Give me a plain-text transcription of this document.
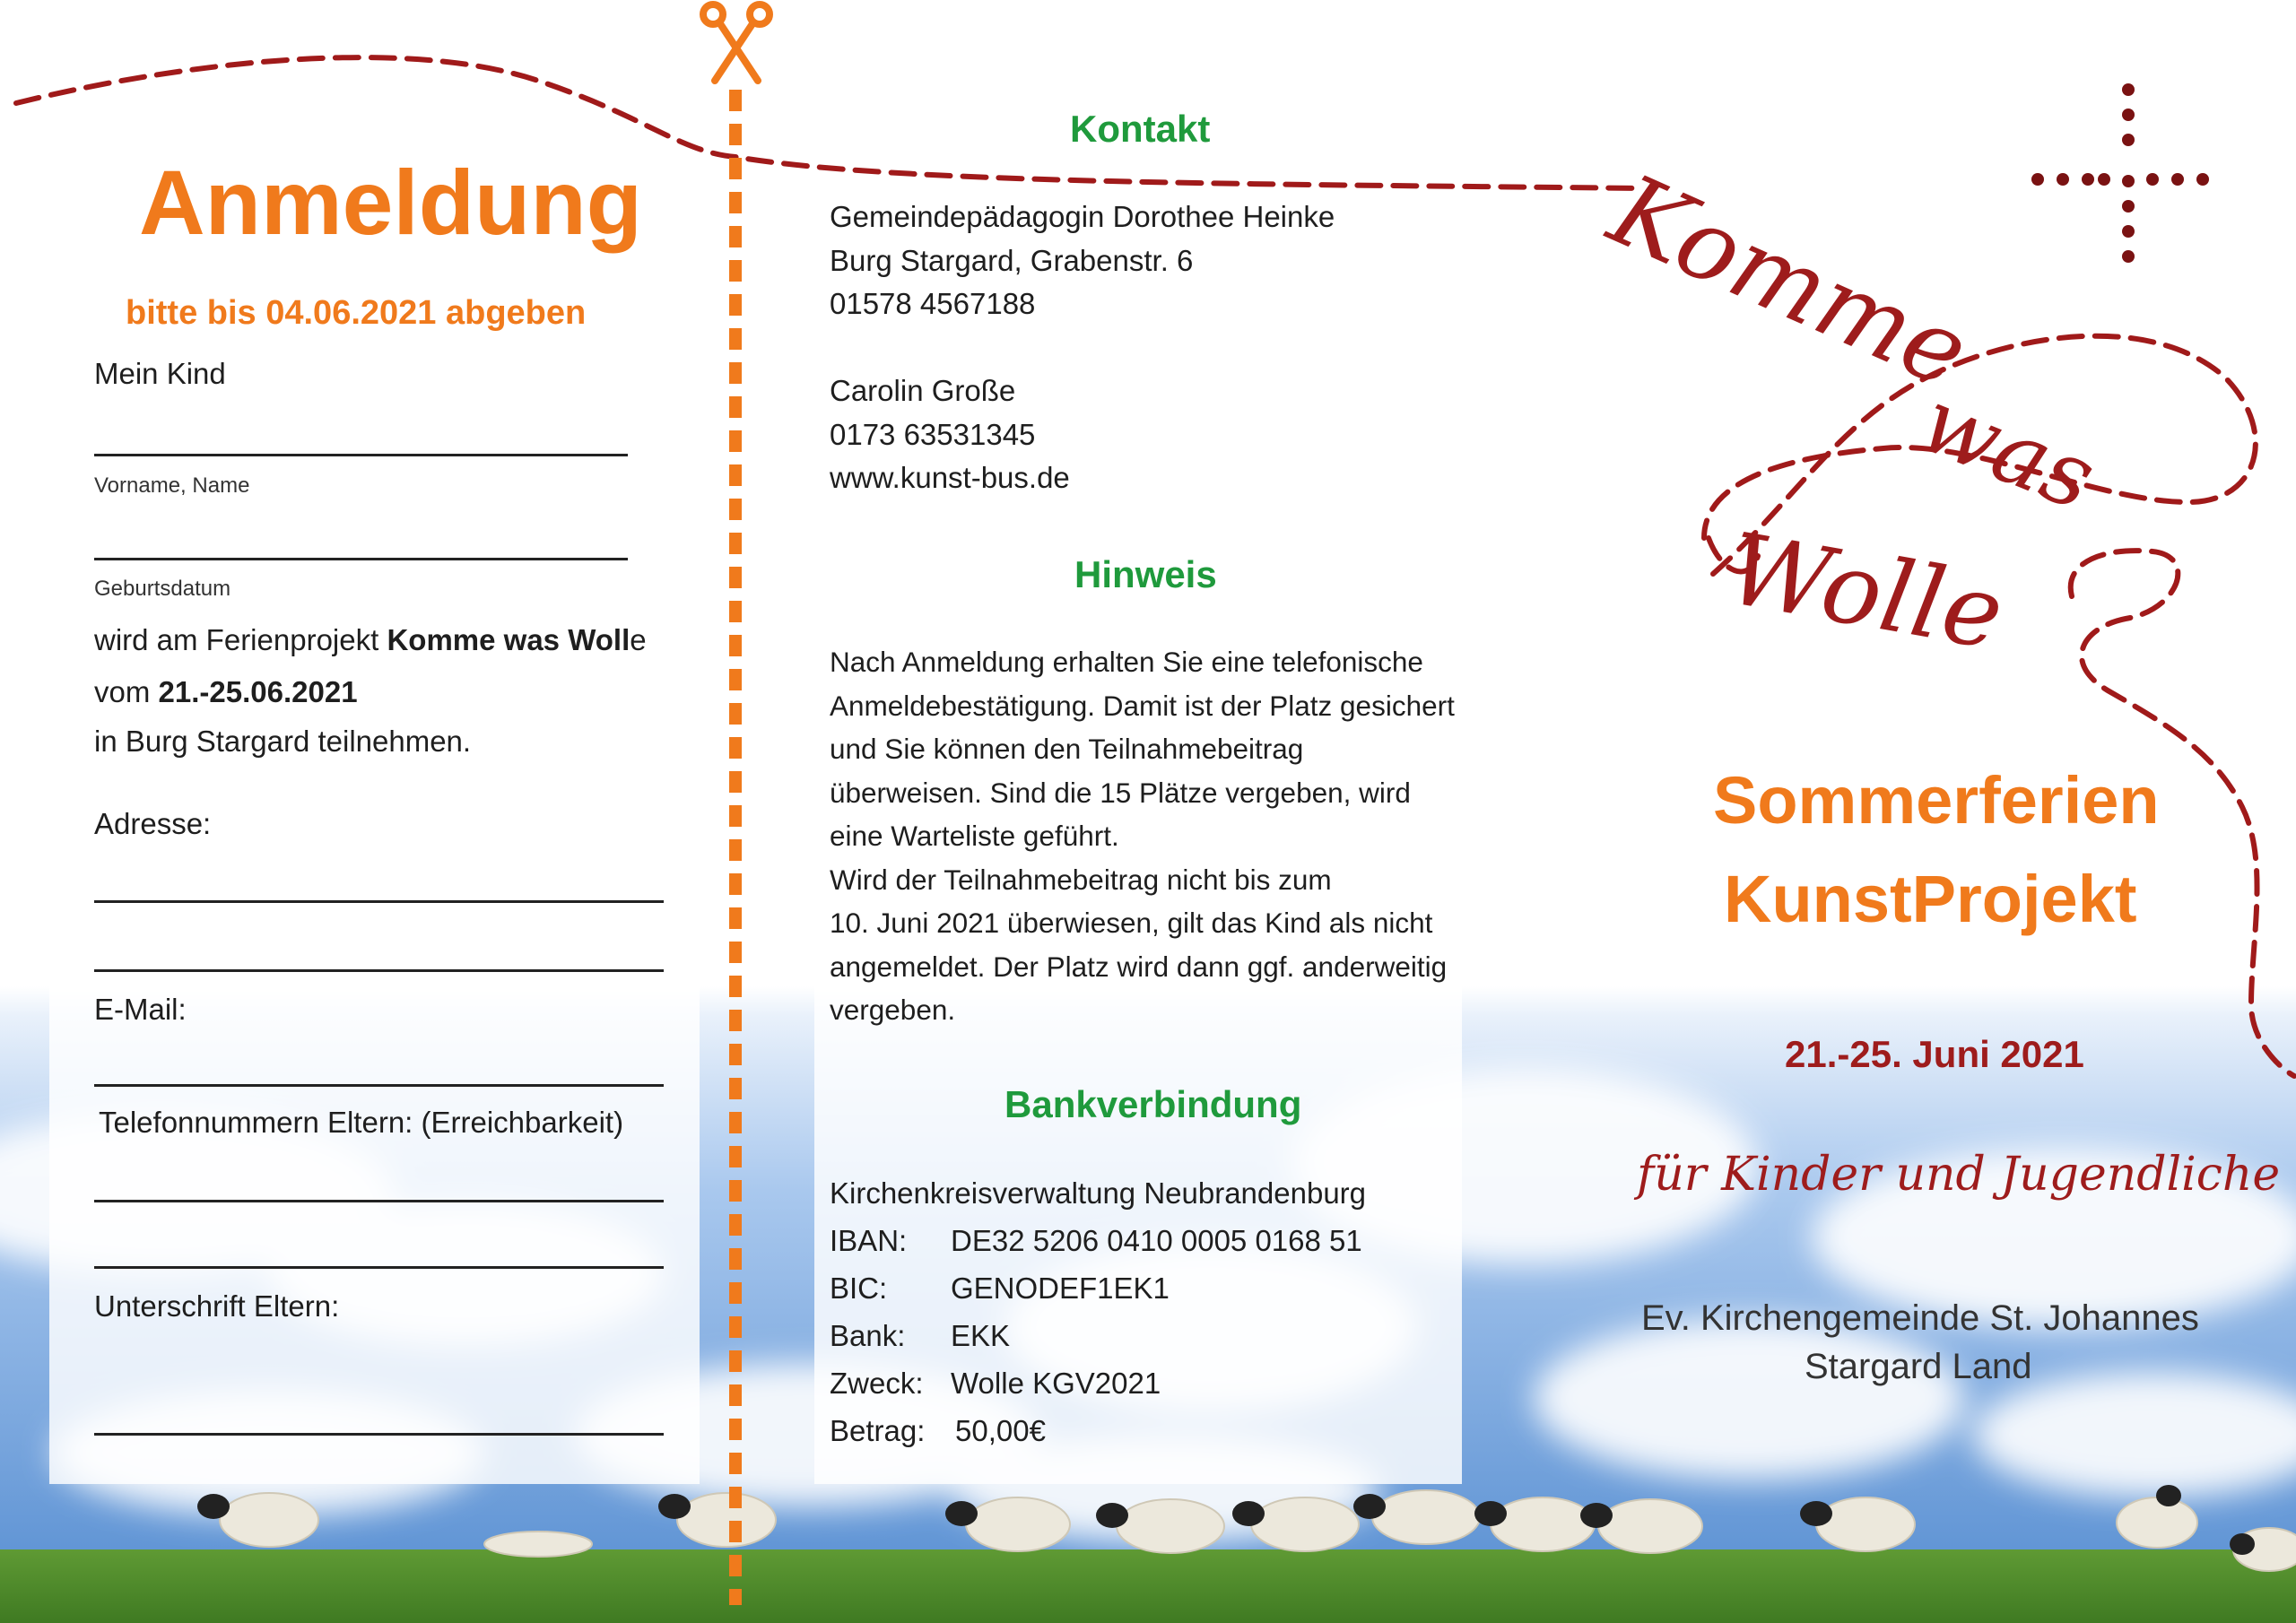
Anmeldung
bitte bis 04.06.2021 abgeben
Mein Kind
Vorname, Name
Geburtsdatum
wird am Ferienprojekt Komme was Wolle
vom 21.-25.06.2021
in Burg Stargard teilnehmen.
Adresse:
E-Mail:
Telefonnummern Eltern: (Erreichbarkeit)
Unterschrift Eltern:
Kontakt
Gemeindepädagogin Dorothee Heinke
Burg Stargard, Grabenstr. 6
01578 4567188
Carolin Große
0173 63531345
www.kunst-bus.de
Hinweis
Nach Anmeldung erhalten Sie eine telefonische
Anmeldebestätigung. Damit ist der Platz gesichert
und Sie können den Teilnahmebeitrag
überweisen. Sind die 15 Plätze vergeben, wird
eine Warteliste geführt.
Wird der Teilnahmebeitrag nicht bis zum
10. Juni 2021 überwiesen, gilt das Kind als nicht
angemeldet. Der Platz wird dann ggf. anderweitig
vergeben.
Bankverbindung
Kirchenkreisverwaltung Neubrandenburg
IBAN: DE32 5206 0410 0005 0168 51
BIC: GENODEF1EK1
Bank: EKK
Zweck: Wolle KGV2021
Betrag: 50,00€
Komme
was
Wolle
Sommerferien
KunstProjekt
21.-25. Juni 2021
für Kinder und Jugendliche
Ev. Kirchengemeinde St. Johannes
Stargard Land
